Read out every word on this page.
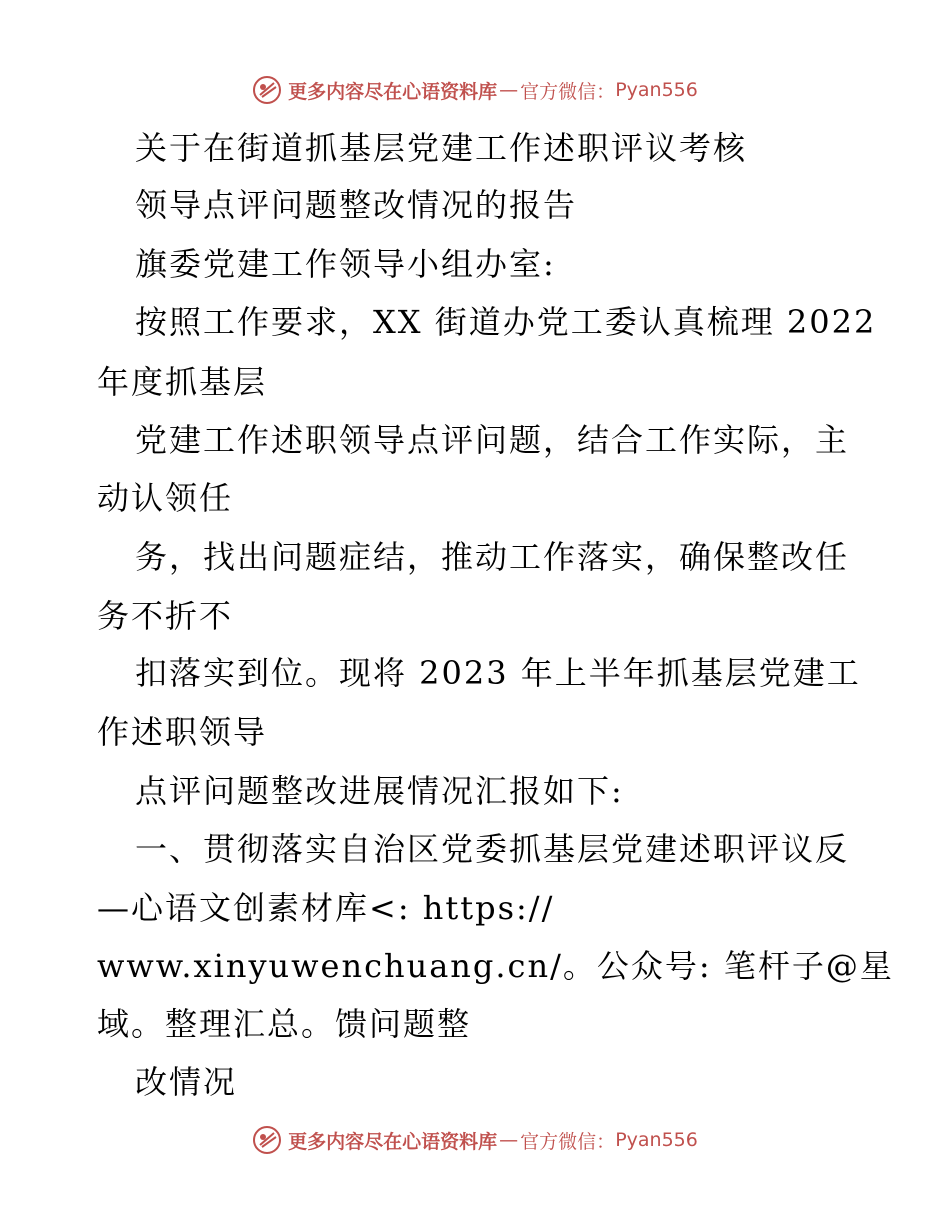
更多内容尽在心语资料库 — 官方微信： Pyan556
关于在街道抓基层党建工作述职评议考核
领导点评问题整改情况的报告
旗委党建工作领导小组办室:
按照工作要求，XX 街道办党工委认真梳理 2022
年度抓基层
党建工作述职领导点评问题，结合工作实际，主
动认领任
务，找出问题症结，推动工作落实，确保整改任
务不折不
扣落实到位。现将 2023 年上半年抓基层党建工
作述职领导
点评问题整改进展情况汇报如下:
一、贯彻落实自治区党委抓基层党建述职评议反
—心语文创素材库<: https://
www.xinyuwenchuang.cn/。公众号: 笔杆子@星
域。整理汇总。馈问题整
改情况
更多内容尽在心语资料库 — 官方微信： Pyan556
